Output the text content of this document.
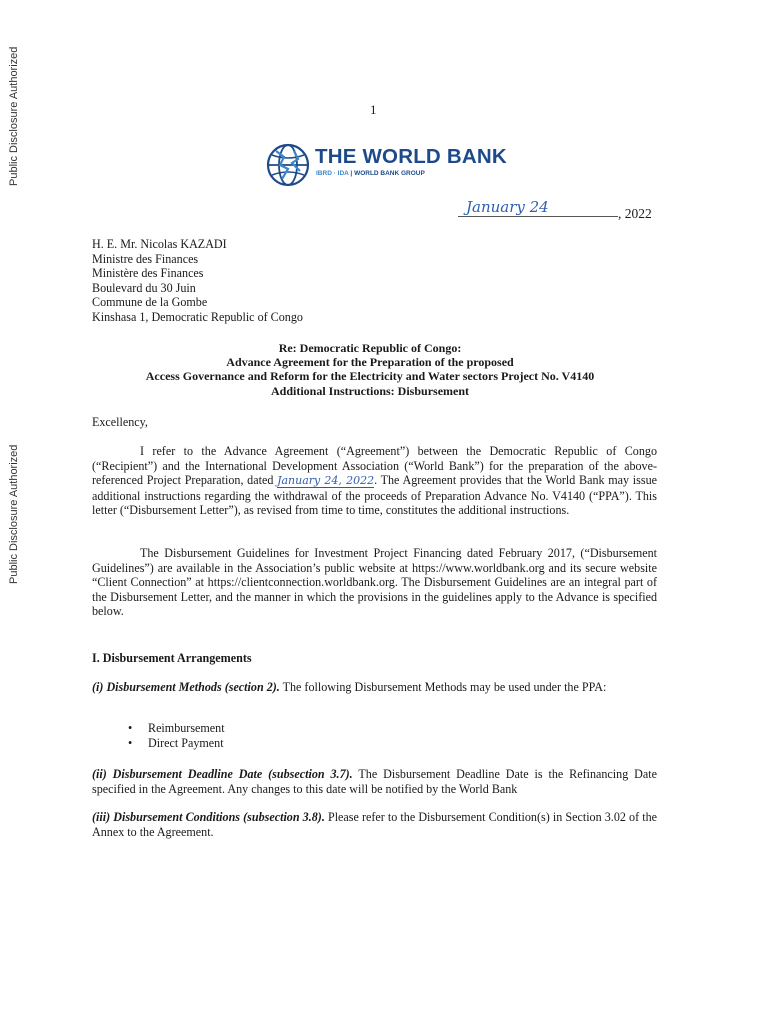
Public Disclosure Authorized
Public Disclosure Authorized
1
THE WORLD BANK
IBRD · IDA | WORLD BANK GROUP
January 24	, 2022
H. E. Mr. Nicolas KAZADI
Ministre des Finances
Ministère des Finances
Boulevard du 30 Juin
Commune de la Gombe
Kinshasa 1, Democratic Republic of Congo
Re: Democratic Republic of Congo:
Advance Agreement for the Preparation of the proposed
Access Governance and Reform for the Electricity and Water sectors Project No. V4140
Additional Instructions: Disbursement
Excellency,
I refer to the Advance Agreement (“Agreement”) between the Democratic Republic of Congo (“Recipient”) and the International Development Association (“World Bank”) for the preparation of the above-referenced Project Preparation, dated January 24, 2022. The Agreement provides that the World Bank may issue additional instructions regarding the withdrawal of the proceeds of Preparation Advance No. V4140 (“PPA”). This letter (“Disbursement Letter”), as revised from time to time, constitutes the additional instructions.
The Disbursement Guidelines for Investment Project Financing dated February 2017, (“Disbursement Guidelines”) are available in the Association’s public website at https://www.worldbank.org and its secure website “Client Connection” at https://clientconnection.worldbank.org. The Disbursement Guidelines are an integral part of the Disbursement Letter, and the manner in which the provisions in the guidelines apply to the Advance is specified below.
I. Disbursement Arrangements
(i) Disbursement Methods (section 2). The following Disbursement Methods may be used under the PPA:
• Reimbursement
• Direct Payment
(ii) Disbursement Deadline Date (subsection 3.7). The Disbursement Deadline Date is the Refinancing Date specified in the Agreement. Any changes to this date will be notified by the World Bank
(iii) Disbursement Conditions (subsection 3.8). Please refer to the Disbursement Condition(s) in Section 3.02 of the Annex to the Agreement.
